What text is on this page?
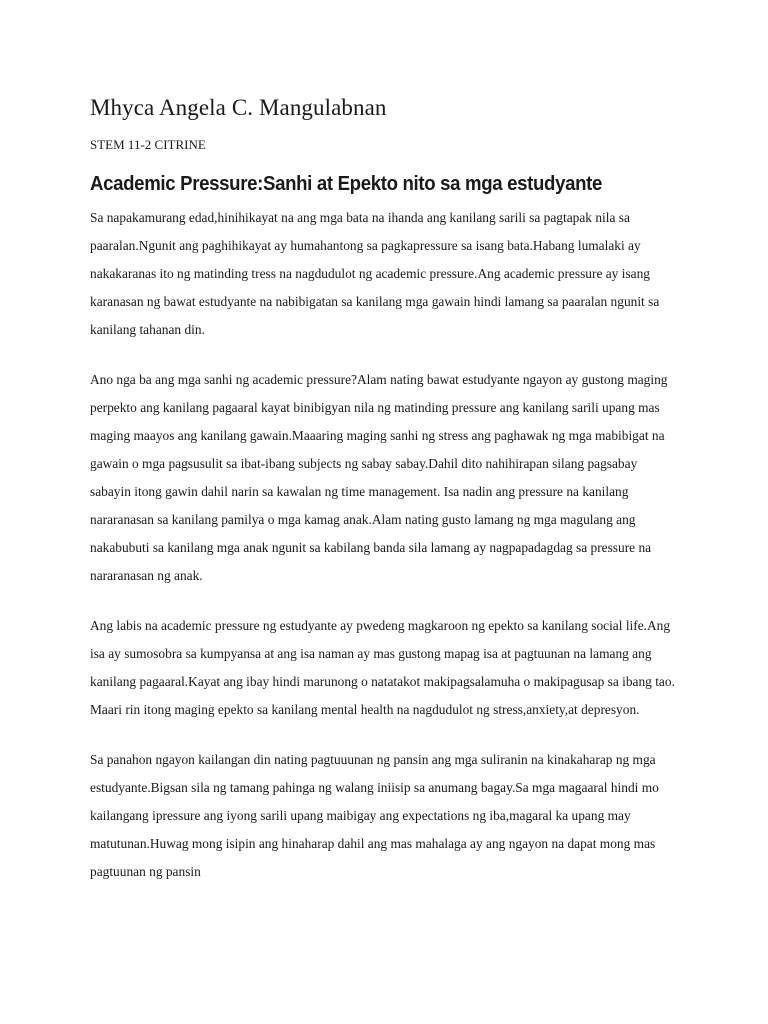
Mhyca Angela C. Mangulabnan

STEM 11-2 CITRINE

Academic Pressure:Sanhi at Epekto nito sa mga estudyante

Sa napakamurang edad,hinihikayat na ang mga bata na ihanda ang kanilang sarili sa pagtapak nila sa paaralan.Ngunit ang paghihikayat ay humahantong sa pagkapressure sa isang bata.Habang lumalaki ay nakakaranas ito ng matinding tress na nagdudulot ng academic pressure.Ang academic pressure ay isang karanasan ng bawat estudyante na nabibigatan sa kanilang mga gawain hindi lamang sa paaralan ngunit sa kanilang tahanan din.

Ano nga ba ang mga sanhi ng academic pressure?Alam nating bawat estudyante ngayon ay gustong maging perpekto ang kanilang pagaaral kayat binibigyan nila ng matinding pressure ang kanilang sarili upang mas maging maayos ang kanilang gawain.Maaaring maging sanhi ng stress ang paghawak ng mga mabibigat na gawain o mga pagsusulit sa ibat-ibang subjects ng sabay sabay.Dahil dito nahihirapan silang pagsabay sabayin itong gawin dahil narin sa kawalan ng time management. Isa nadin ang pressure na kanilang nararanasan sa kanilang pamilya o mga kamag anak.Alam nating gusto lamang ng mga magulang ang nakabubuti sa kanilang mga anak ngunit sa kabilang banda sila lamang ay nagpapadagdag sa pressure na nararanasan ng anak.

Ang labis na academic pressure ng estudyante ay pwedeng magkaroon ng epekto sa kanilang social life.Ang isa ay sumosobra sa kumpyansa at ang isa naman ay mas gustong mapag isa at pagtuunan na lamang ang kanilang pagaaral.Kayat ang ibay hindi marunong o natatakot makipagsalamuha o makipagusap sa ibang tao. Maari rin itong maging epekto sa kanilang mental health na nagdudulot ng stress,anxiety,at depresyon.

Sa panahon ngayon kailangan din nating pagtuuunan ng pansin ang mga suliranin na kinakaharap ng mga estudyante.Bigsan sila ng tamang pahinga ng walang iniisip sa anumang bagay.Sa mga magaaral hindi mo kailangang ipressure ang iyong sarili upang maibigay ang expectations ng iba,magaral ka upang may matutunan.Huwag mong isipin ang hinaharap dahil ang mas mahalaga ay ang ngayon na dapat mong mas pagtuunan ng pansin
